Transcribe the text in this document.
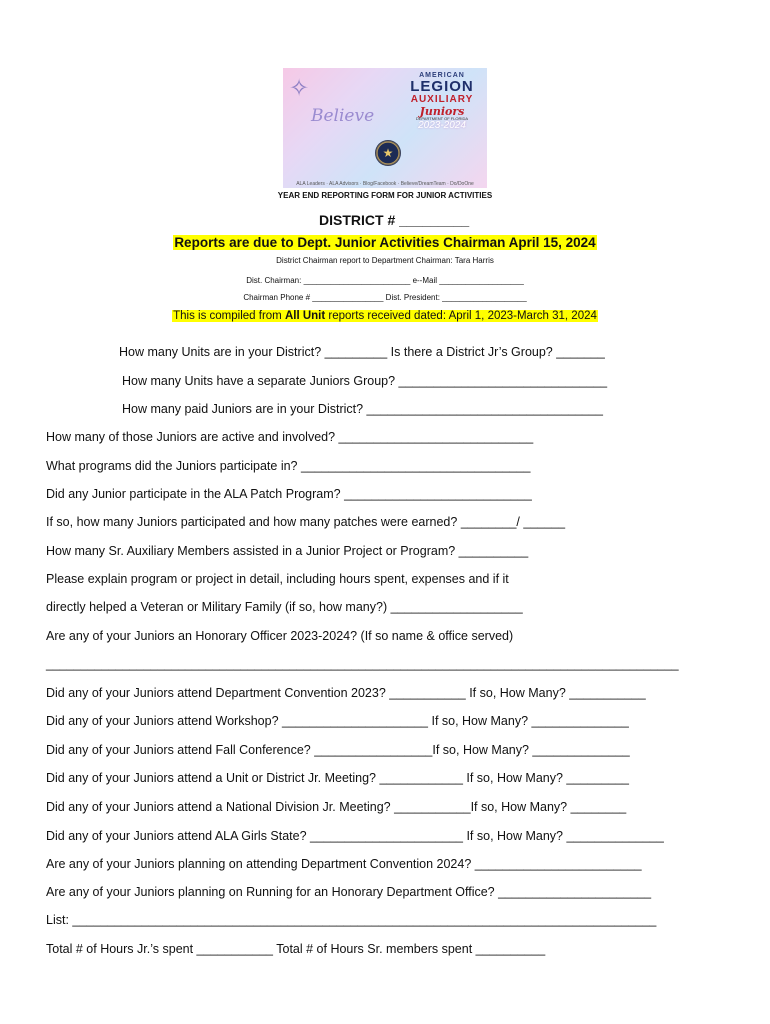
✧
Believe
AMERICAN
LEGION
AUXILIARY
Juniors
DEPARTMENT OF FLORIDA
2023-2024
★
ALA Leaders · ALA Advisors · Blog/Facebook · Believe/DreamTeam · Do/DoOne
YEAR END REPORTING FORM FOR JUNIOR ACTIVITIES
DISTRICT # _________
Reports are due to Dept. Junior Activities Chairman April 15, 2024
District Chairman report to Department Chairman: Tara Harris
Dist. Chairman: ________________________ e--Mail ___________________
Chairman Phone # ________________ Dist. President: ___________________
This is compiled from All Unit reports received dated: April 1, 2023-March 31, 2024
How many Units are in your District? _________ Is there a District Jr’s Group? _______
How many Units have a separate Juniors Group? ______________________________
How many paid Juniors are in your District? __________________________________
How many of those Juniors are active and involved? ____________________________
What programs did the Juniors participate in? _________________________________
Did any Junior participate in the ALA Patch Program? ___________________________
If so, how many Juniors participated and how many patches were earned? ________/ ______
How many Sr. Auxiliary Members assisted in a Junior Project or Program? __________
Please explain program or project in detail, including hours spent, expenses and if it
directly helped a Veteran or Military Family (if so, how many?) ___________________
Are any of your Juniors an Honorary Officer 2023-2024? (If so name & office served)
___________________________________________________________________________________________
Did any of your Juniors attend Department Convention 2023? ___________ If so, How Many? ___________
Did any of your Juniors attend Workshop? _____________________ If so, How Many? ______________
Did any of your Juniors attend Fall Conference? _________________If so, How Many? ______________
Did any of your Juniors attend a Unit or District Jr. Meeting? ____________ If so, How Many? _________
Did any of your Juniors attend a National Division Jr. Meeting? ___________If so, How Many? ________
Did any of your Juniors attend ALA Girls State? ______________________ If so, How Many? ______________
Are any of your Juniors planning on attending Department Convention 2024? ________________________
Are any of your Juniors planning on Running for an Honorary Department Office? ______________________
List: ____________________________________________________________________________________
Total # of Hours Jr.’s spent ___________ Total # of Hours Sr. members spent __________
